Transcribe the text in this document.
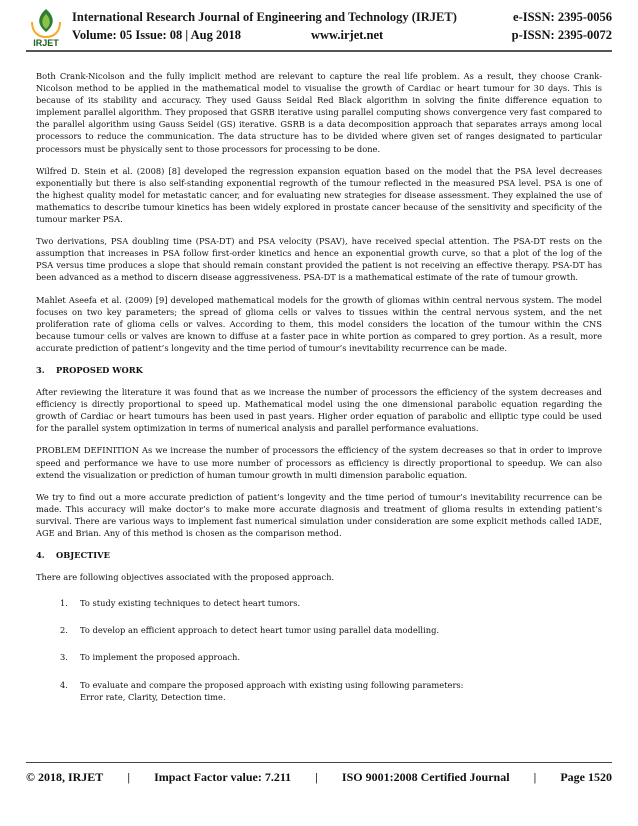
IRJET
International Research Journal of Engineering and Technology (IRJET)	e-ISSN: 2395-0056
Volume: 05 Issue: 08 | Aug 2018	www.irjet.net	p-ISSN: 2395-0072

Both Crank-Nicolson and the fully implicit method are relevant to capture the real life problem. As a result, they choose Crank-Nicolson method to be applied in the mathematical model to visualise the growth of Cardiac or heart tumour for 30 days. This is because of its stability and accuracy. They used Gauss Seidal Red Black algorithm in solving the finite difference equation to implement parallel algorithm. They proposed that GSRB iterative using parallel computing shows convergence very fast compared to the parallel algorithm using Gauss Seidel (GS) iterative. GSRB is a data decomposition approach that separates arrays among local processors to reduce the communication. The data structure has to be divided where given set of ranges designated to particular processors must be physically sent to those processors for processing to be done.

Wilfred D. Stein et al. (2008) [8] developed the regression expansion equation based on the model that the PSA level decreases exponentially but there is also self-standing exponential regrowth of the tumour reflected in the measured PSA level. PSA is one of the highest quality model for metastatic cancer, and for evaluating new strategies for disease assessment. They explained the use of mathematics to describe tumour kinetics has been widely explored in prostate cancer because of the sensitivity and specificity of the tumour marker PSA.

Two derivations, PSA doubling time (PSA-DT) and PSA velocity (PSAV), have received special attention. The PSA-DT rests on the assumption that increases in PSA follow first-order kinetics and hence an exponential growth curve, so that a plot of the log of the PSA versus time produces a slope that should remain constant provided the patient is not receiving an effective therapy. PSA-DT has been advanced as a method to discern disease aggressiveness. PSA-DT is a mathematical estimate of the rate of tumour growth.

Mahlet Aseefa et al. (2009) [9] developed mathematical models for the growth of gliomas within central nervous system. The model focuses on two key parameters; the spread of glioma cells or valves to tissues within the central nervous system, and the net proliferation rate of glioma cells or valves. According to them, this model considers the location of the tumour within the CNS because tumour cells or valves are known to diffuse at a faster pace in white portion as compared to grey portion. As a result, more accurate prediction of patient’s longevity and the time period of tumour’s inevitability recurrence can be made.

3. PROPOSED WORK

After reviewing the literature it was found that as we increase the number of processors the efficiency of the system decreases and efficiency is directly proportional to speed up. Mathematical model using the one dimensional parabolic equation regarding the growth of Cardiac or heart tumours has been used in past years. Higher order equation of parabolic and elliptic type could be used for the parallel system optimization in terms of numerical analysis and parallel performance evaluations.

PROBLEM DEFINITION As we increase the number of processors the efficiency of the system decreases so that in order to improve speed and performance we have to use more number of processors as efficiency is directly proportional to speedup. We can also extend the visualization or prediction of human tumour growth in multi dimension parabolic equation.

We try to find out a more accurate prediction of patient’s longevity and the time period of tumour’s inevitability recurrence can be made. This accuracy will make doctor’s to make more accurate diagnosis and treatment of glioma results in extending patient’s survival. There are various ways to implement fast numerical simulation under consideration are some explicit methods called IADE, AGE and Brian. Any of this method is chosen as the comparison method.

4. OBJECTIVE

There are following objectives associated with the proposed approach.

1.	To study existing techniques to detect heart tumors.
2.	To develop an efficient approach to detect heart tumor using parallel data modelling.
3.	To implement the proposed approach.
4.	To evaluate and compare the proposed approach with existing using following parameters:
Error rate, Clarity, Detection time.
© 2018, IRJET | Impact Factor value: 7.211 | ISO 9001:2008 Certified Journal | Page 1520
